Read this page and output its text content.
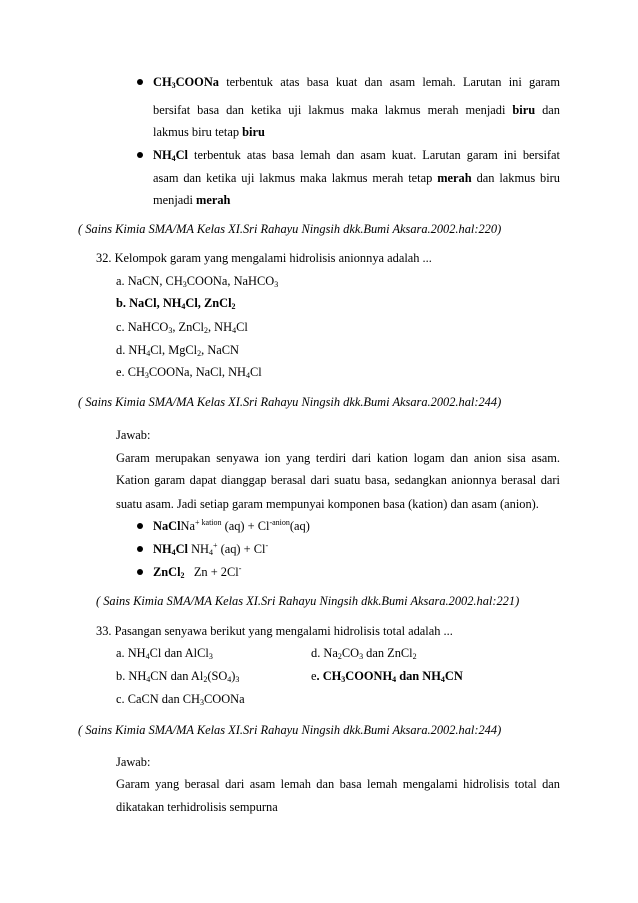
$CH_3COONa$ terbentuk atas basa kuat dan asam lemah. Larutan ini garam
bersifat basa dan ketika uji lakmus maka lakmus merah menjadi biru dan
lakmus biru tetap biru
$NH_4Cl$ terbentuk atas basa lemah dan asam kuat. Larutan garam ini bersifat
asam dan ketika uji lakmus maka lakmus merah tetap merah dan lakmus biru
menjadi merah
( Sains Kimia SMA/MA Kelas XI.Sri Rahayu Ningsih dkk.Bumi Aksara.2002.hal:220)
32. Kelompok garam yang mengalami hidrolisis anionnya adalah ...
a. NaCN, $CH_3COONa$, NaHCO$_3$
b. NaCl, $NH_4Cl$, ZnCl$_2$
c. NaHCO$_3$, ZnCl$_2$, $NH_4Cl$
d. $NH_4Cl$, MgCl$_2$, NaCN
e. $CH_3COONa$, NaCl, $NH_4Cl$
( Sains Kimia SMA/MA Kelas XI.Sri Rahayu Ningsih dkk.Bumi Aksara.2002.hal:244)
Jawab:
Garam merupakan senyawa ion yang terdiri dari kation logam dan anion sisa asam.
Kation garam dapat dianggap berasal dari suatu basa, sedangkan anionnya berasal dari
suatu asam. Jadi setiap garam mempunyai komponen basa (kation) dan asam (anion).
NaClNa$^{+ kation}$ $(aq) + Cl^{-anion}(aq)$
$NH_4Cl$ $NH_4^+$ (aq) + Cl-
ZnCl$_2$ Zn + 2Cl-
( Sains Kimia SMA/MA Kelas XI.Sri Rahayu Ningsih dkk.Bumi Aksara.2002.hal:221)
33. Pasangan senyawa berikut yang mengalami hidrolisis total adalah ...
a. $NH_4Cl$ dan AlCl$_3$	d. $Na_2CO_3$ dan ZnCl$_2$
b. $NH_4CN$ dan $Al_2(SO_4)_3$	e. $CH_3COONH_4$ dan $NH_4CN$
c. CaCN dan $CH_3COONa$
( Sains Kimia SMA/MA Kelas XI.Sri Rahayu Ningsih dkk.Bumi Aksara.2002.hal:244)
Jawab:
Garam yang berasal dari asam lemah dan basa lemah mengalami hidrolisis total dan
dikatakan terhidrolisis sempurna
